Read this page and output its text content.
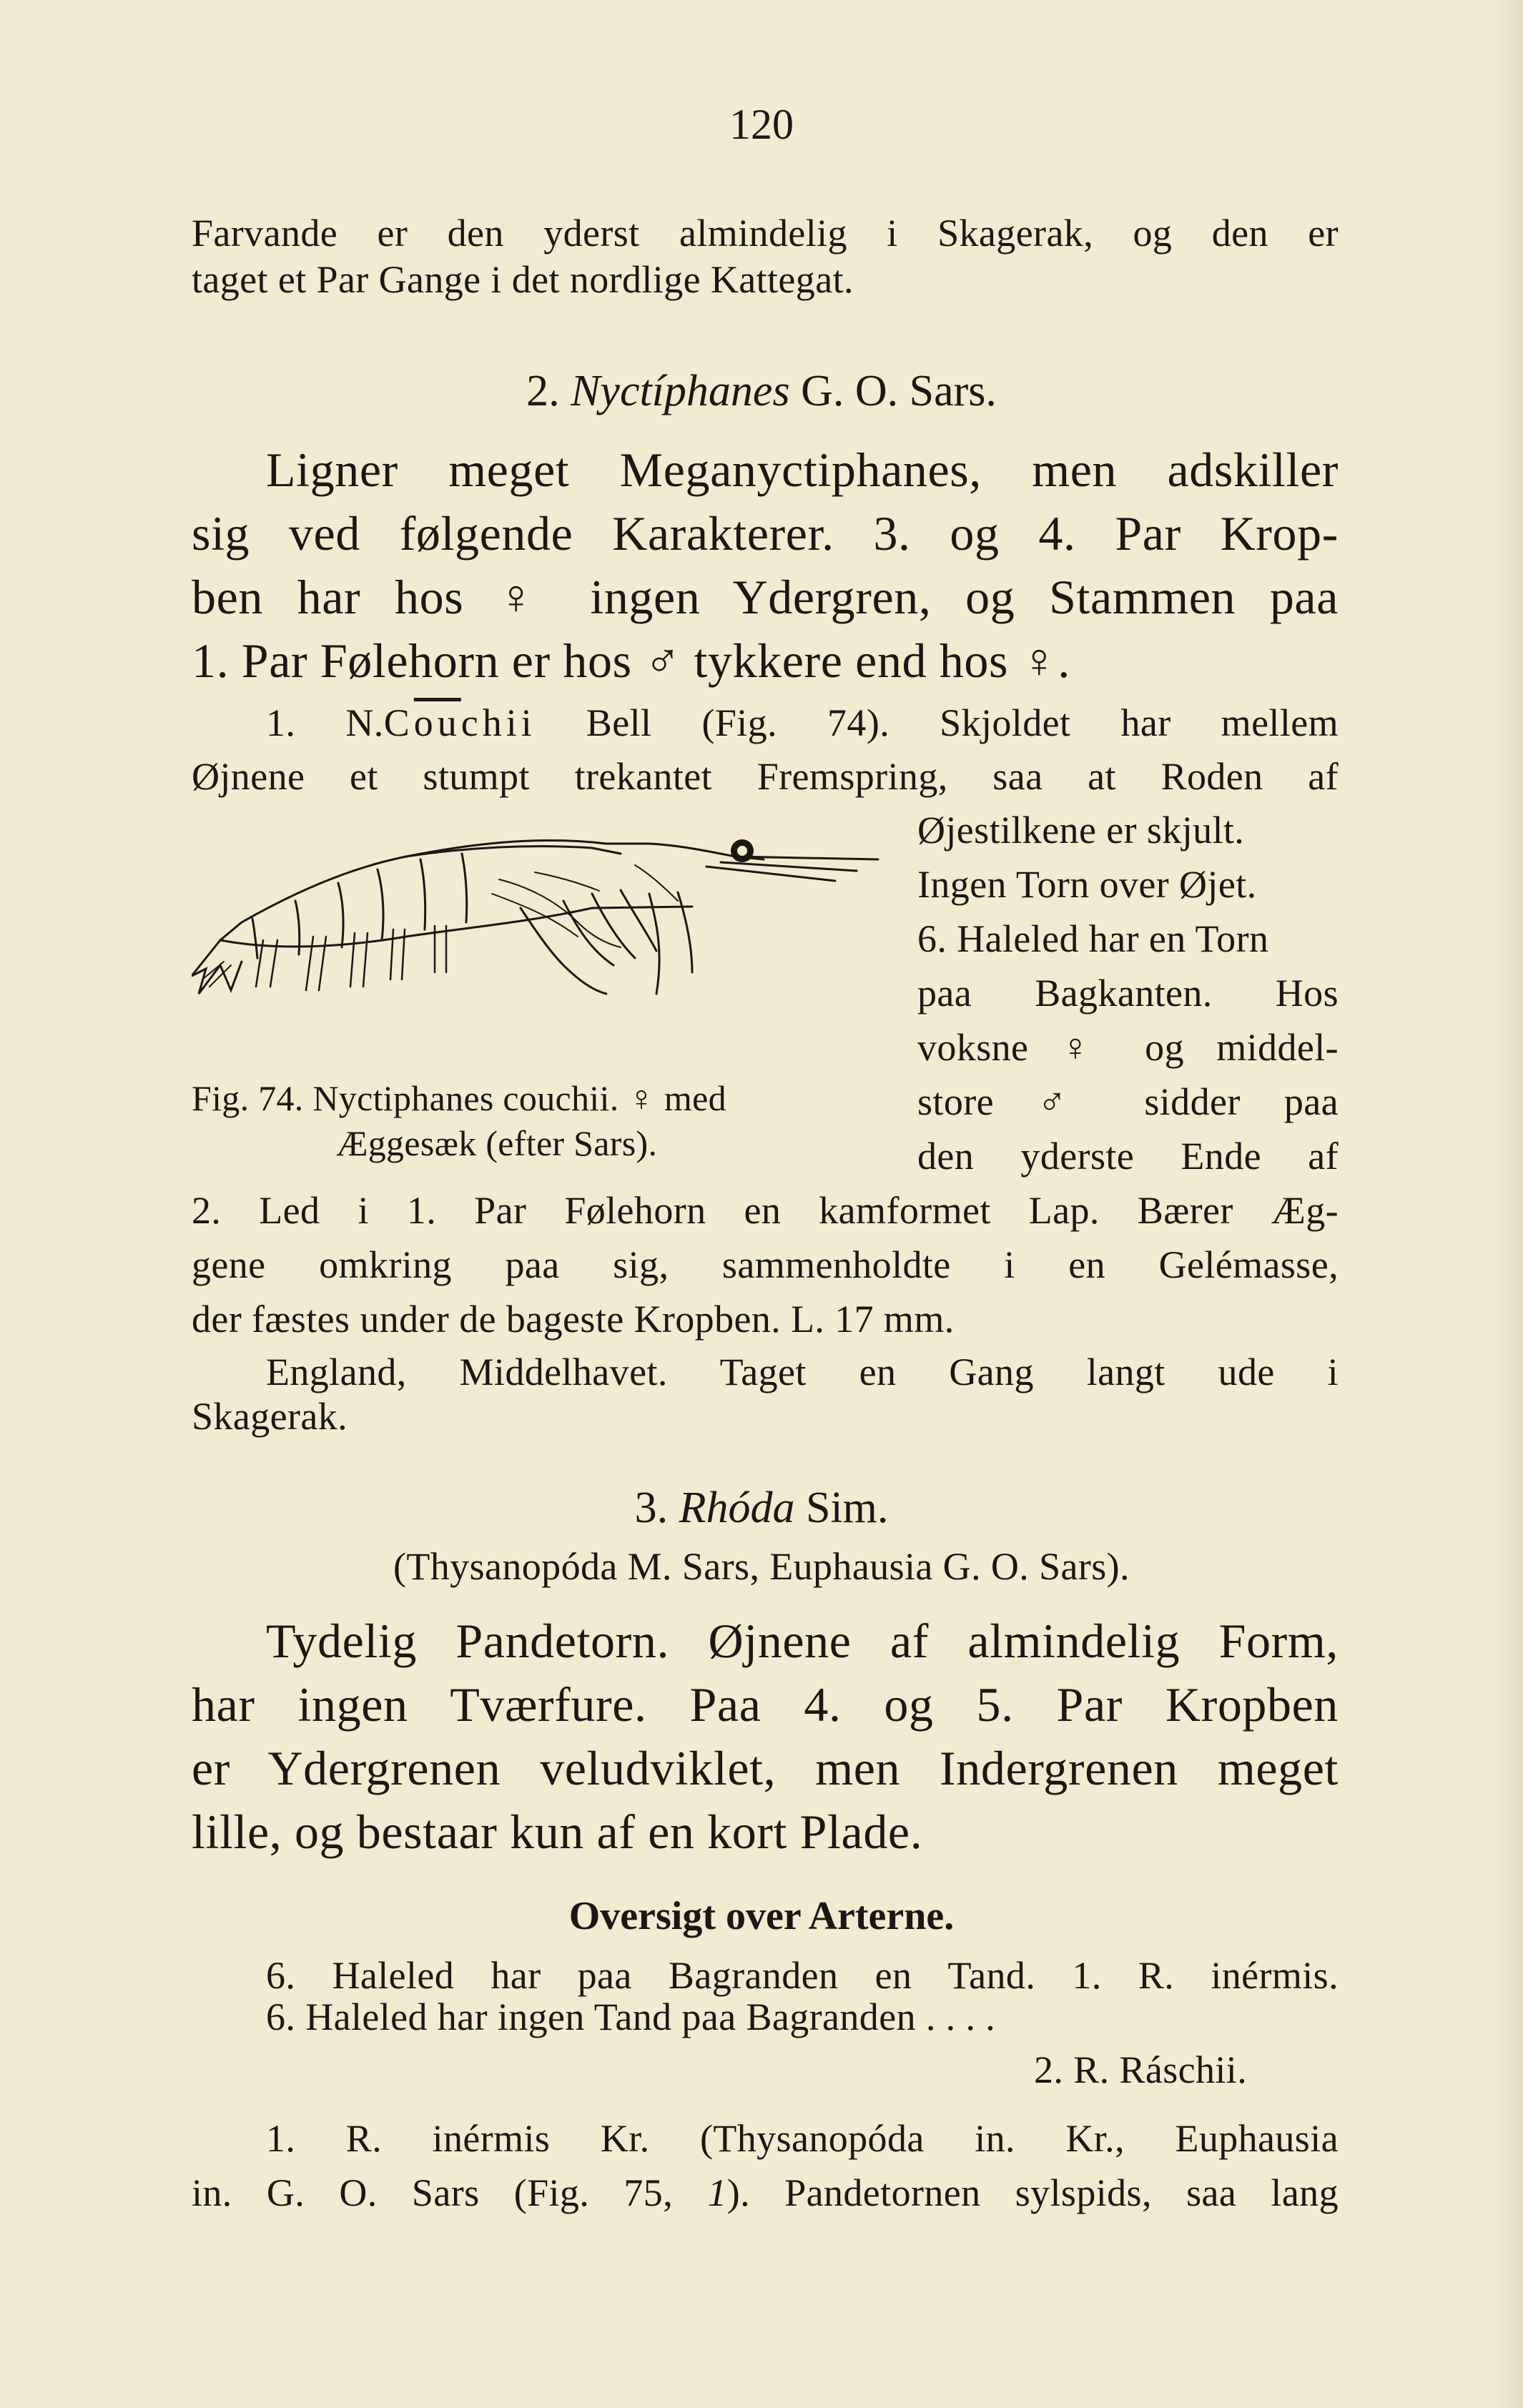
120
Farvande er den yderst almindelig i Skagerak, og den er
taget et Par Gange i det nordlige Kattegat.
2. Nyctíphanes G. O. Sars.
Ligner meget Meganyctiphanes, men adskiller
sig ved følgende Karakterer. 3. og 4. Par Krop-
ben har hos ♀ ingen Ydergren, og Stammen paa
1. Par Følehorn er hos ♂ tykkere end hos ♀.
1. $N.C\overline{ou}chii$ Bell (Fig. 74). Skjoldet har mellem
Øjnene et stumpt trekantet Fremspring, saa at Roden af
Fig. 74. Nyctiphanes couchii. ♀ med
Æggesæk (efter Sars).
Øjestilkene er skjult.
Ingen Torn over Øjet.
6. Haleled har en Torn
paa Bagkanten. Hos
voksne ♀ og middel-
store ♂ sidder paa
den yderste Ende af
2. Led i 1. Par Følehorn en kamformet Lap. Bærer Æg-
gene omkring paa sig, sammenholdte i en Gelémasse,
der fæstes under de bageste Kropben. L. 17 mm.
England, Middelhavet. Taget en Gang langt ude i
Skagerak.
3. Rhóda Sim.
(Thysanopóda M. Sars, Euphausia G. O. Sars).
Tydelig Pandetorn. Øjnene af almindelig Form,
har ingen Tværfure. Paa 4. og 5. Par Kropben
er Ydergrenen veludviklet, men Indergrenen meget
lille, og bestaar kun af en kort Plade.
Oversigt over Arterne.
6. Haleled har paa Bagranden en Tand. 1. R. inérmis.
6. Haleled har ingen Tand paa Bagranden . . . .
2. R. Ráschii.
1. R. inérmis Kr. (Thysanopóda in. Kr., Euphausia
in. G. O. Sars (Fig. 75, 1). Pandetornen sylspids, saa lang
